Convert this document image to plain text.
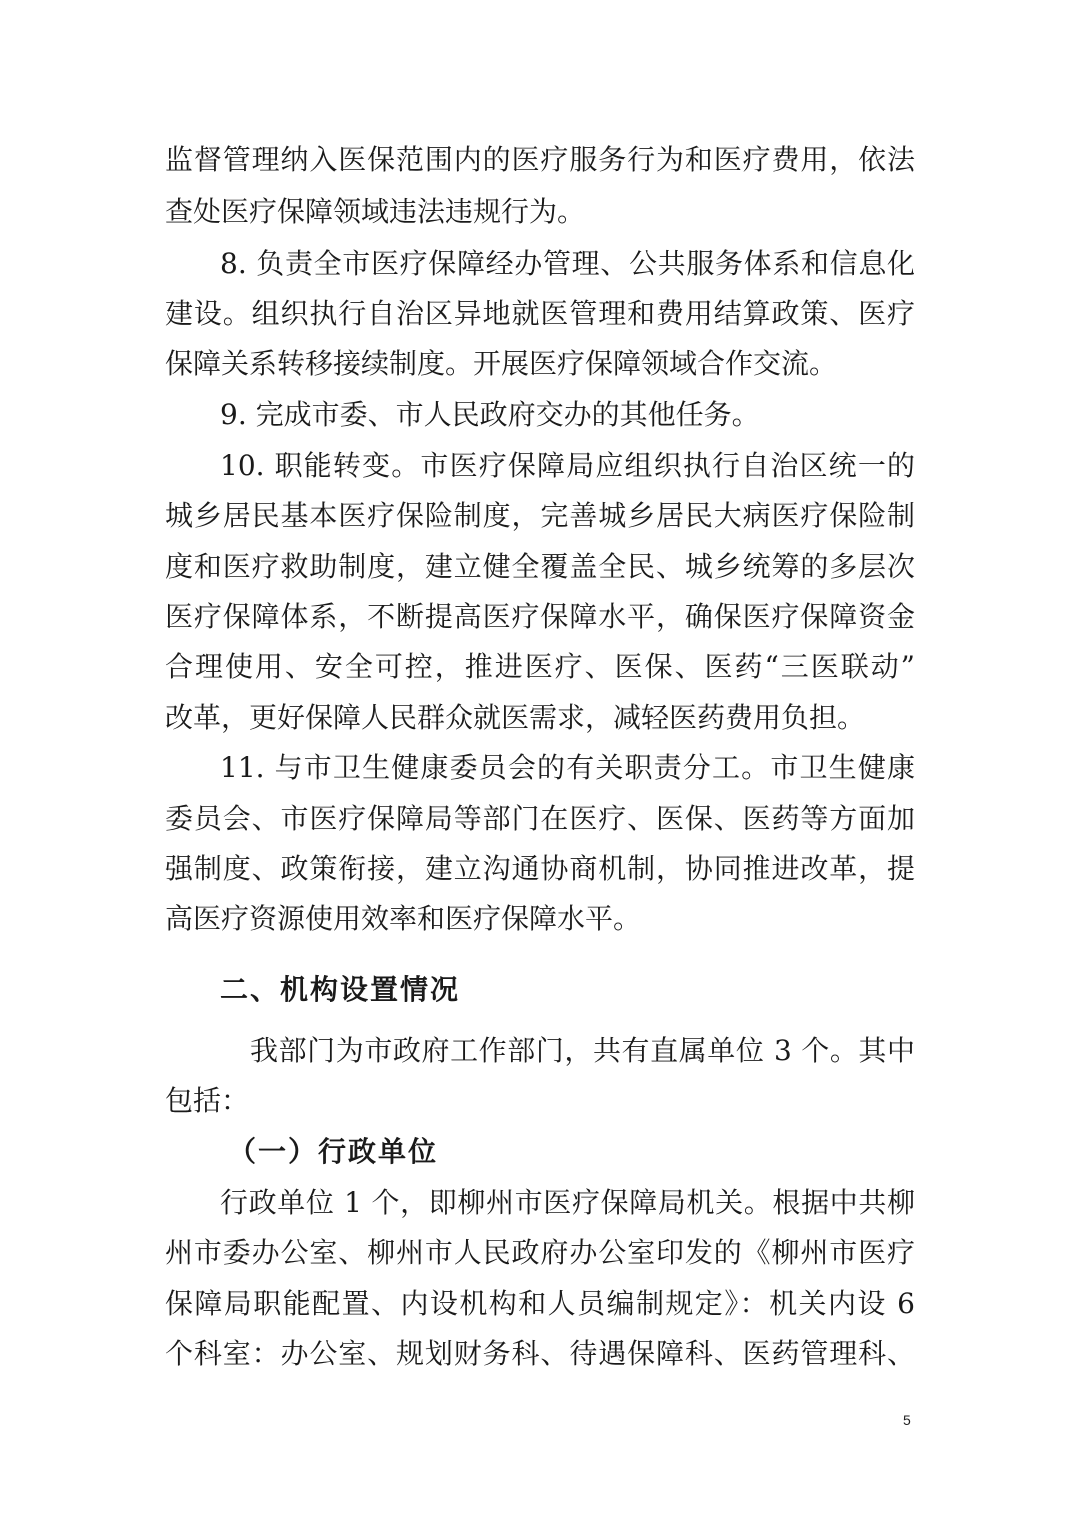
监督管理纳入医保范围内的医疗服务行为和医疗费用，依法
查处医疗保障领域违法违规行为。
8. 负责全市医疗保障经办管理、公共服务体系和信息化
建设。组织执行自治区异地就医管理和费用结算政策、医疗
保障关系转移接续制度。开展医疗保障领域合作交流。
9. 完成市委、市人民政府交办的其他任务。
10. 职能转变。市医疗保障局应组织执行自治区统一的
城乡居民基本医疗保险制度，完善城乡居民大病医疗保险制
度和医疗救助制度，建立健全覆盖全民、城乡统筹的多层次
医疗保障体系，不断提高医疗保障水平，确保医疗保障资金
合理使用、安全可控，推进医疗、医保、医药“三医联动”
改革，更好保障人民群众就医需求，减轻医药费用负担。
11. 与市卫生健康委员会的有关职责分工。市卫生健康
委员会、市医疗保障局等部门在医疗、医保、医药等方面加
强制度、政策衔接，建立沟通协商机制，协同推进改革，提
高医疗资源使用效率和医疗保障水平。
二、机构设置情况
我部门为市政府工作部门，共有直属单位 3 个。其中
包括：
（一）行政单位
行政单位 1 个，即柳州市医疗保障局机关。根据中共柳
州市委办公室、柳州市人民政府办公室印发的《柳州市医疗
保障局职能配置、内设机构和人员编制规定》：机关内设 6
个科室：办公室、规划财务科、待遇保障科、医药管理科、
5
